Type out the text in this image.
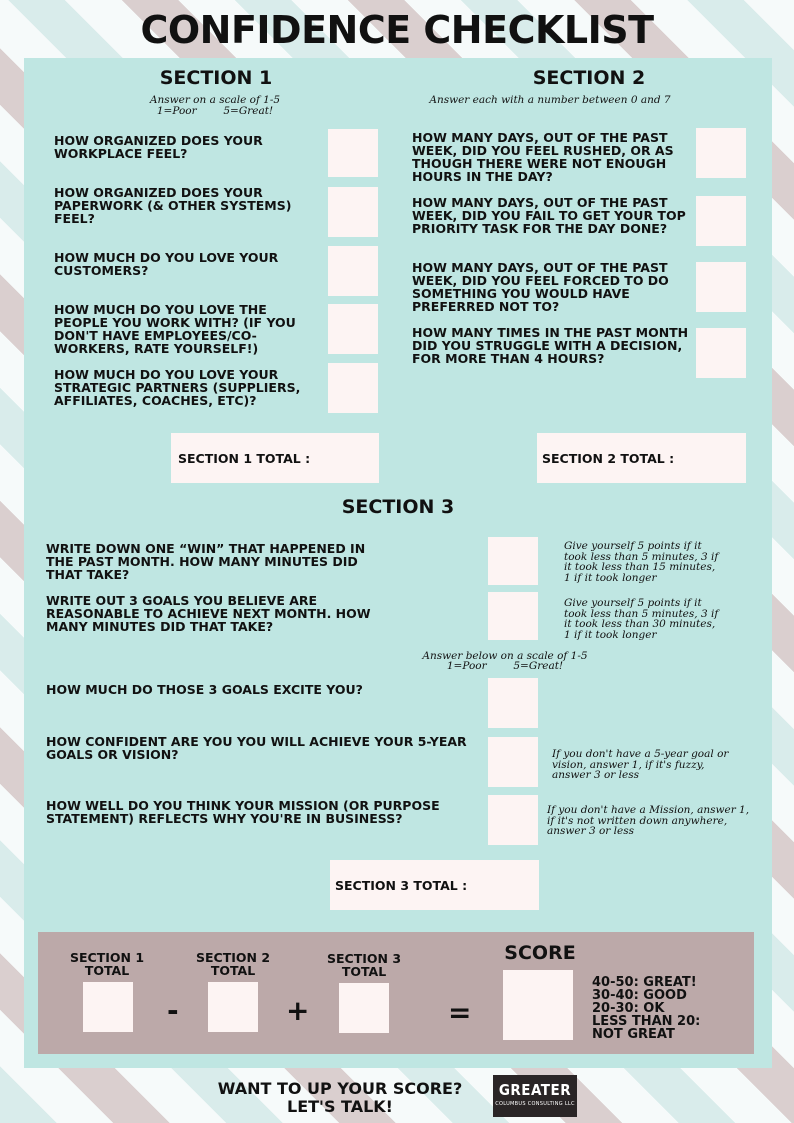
CONFIDENCE CHECKLIST
SECTION 1
Answer on a scale of 1-5
1=Poor        5=Great!
HOW ORGANIZED DOES YOUR WORKPLACE FEEL?
HOW ORGANIZED DOES YOUR PAPERWORK (& OTHER SYSTEMS) FEEL?
HOW MUCH DO YOU LOVE YOUR CUSTOMERS?
HOW MUCH DO YOU LOVE THE PEOPLE YOU WORK WITH? (IF YOU DON'T HAVE EMPLOYEES/CO-WORKERS, RATE YOURSELF!)
HOW MUCH DO YOU LOVE YOUR STRATEGIC PARTNERS (SUPPLIERS, AFFILIATES, COACHES, ETC)?
SECTION 1 TOTAL :
SECTION 2
Answer each with a number between 0 and 7
HOW MANY DAYS, OUT OF THE PAST WEEK, DID YOU FEEL RUSHED, OR AS THOUGH THERE WERE NOT ENOUGH HOURS IN THE DAY?
HOW MANY DAYS, OUT OF THE PAST WEEK, DID YOU FAIL TO GET YOUR TOP PRIORITY TASK FOR THE DAY DONE?
HOW MANY DAYS, OUT OF THE PAST WEEK, DID YOU FEEL FORCED TO DO SOMETHING YOU WOULD HAVE PREFERRED NOT TO?
HOW MANY TIMES IN THE PAST MONTH DID YOU STRUGGLE WITH A DECISION, FOR MORE THAN 4 HOURS?
SECTION 2 TOTAL :
SECTION 3
WRITE DOWN ONE “WIN” THAT HAPPENED IN THE PAST MONTH. HOW MANY MINUTES DID THAT TAKE?
Give yourself 5 points if it took less than 5 minutes, 3 if it took less than 15 minutes, 1 if it took longer
WRITE OUT 3 GOALS YOU BELIEVE ARE REASONABLE TO ACHIEVE NEXT MONTH. HOW MANY MINUTES DID THAT TAKE?
Give yourself 5 points if it took less than 5 minutes, 3 if it took less than 30 minutes, 1 if it took longer
Answer below on a scale of 1-5
1=Poor        5=Great!
HOW MUCH DO THOSE 3 GOALS EXCITE YOU?
HOW CONFIDENT ARE YOU YOU WILL ACHIEVE YOUR 5-YEAR GOALS OR VISION?	If you don't have a 5-year goal or vision, answer 1, if it's fuzzy, answer 3 or less
HOW WELL DO YOU THINK YOUR MISSION (OR PURPOSE STATEMENT) REFLECTS WHY YOU'RE IN BUSINESS?
If you don't have a Mission, answer 1, if it's not written down anywhere, answer 3 or less
SECTION 3 TOTAL :
SECTION 1
TOTAL
-
SECTION 2
TOTAL
+
SECTION 3
TOTAL
=
SCORE
40-50: GREAT!
30-40: GOOD
20-30: OK
LESS THAN 20:
NOT GREAT
WANT TO UP YOUR SCORE?
LET'S TALK!
GREATER
COLUMBUS CONSULTING LLC
